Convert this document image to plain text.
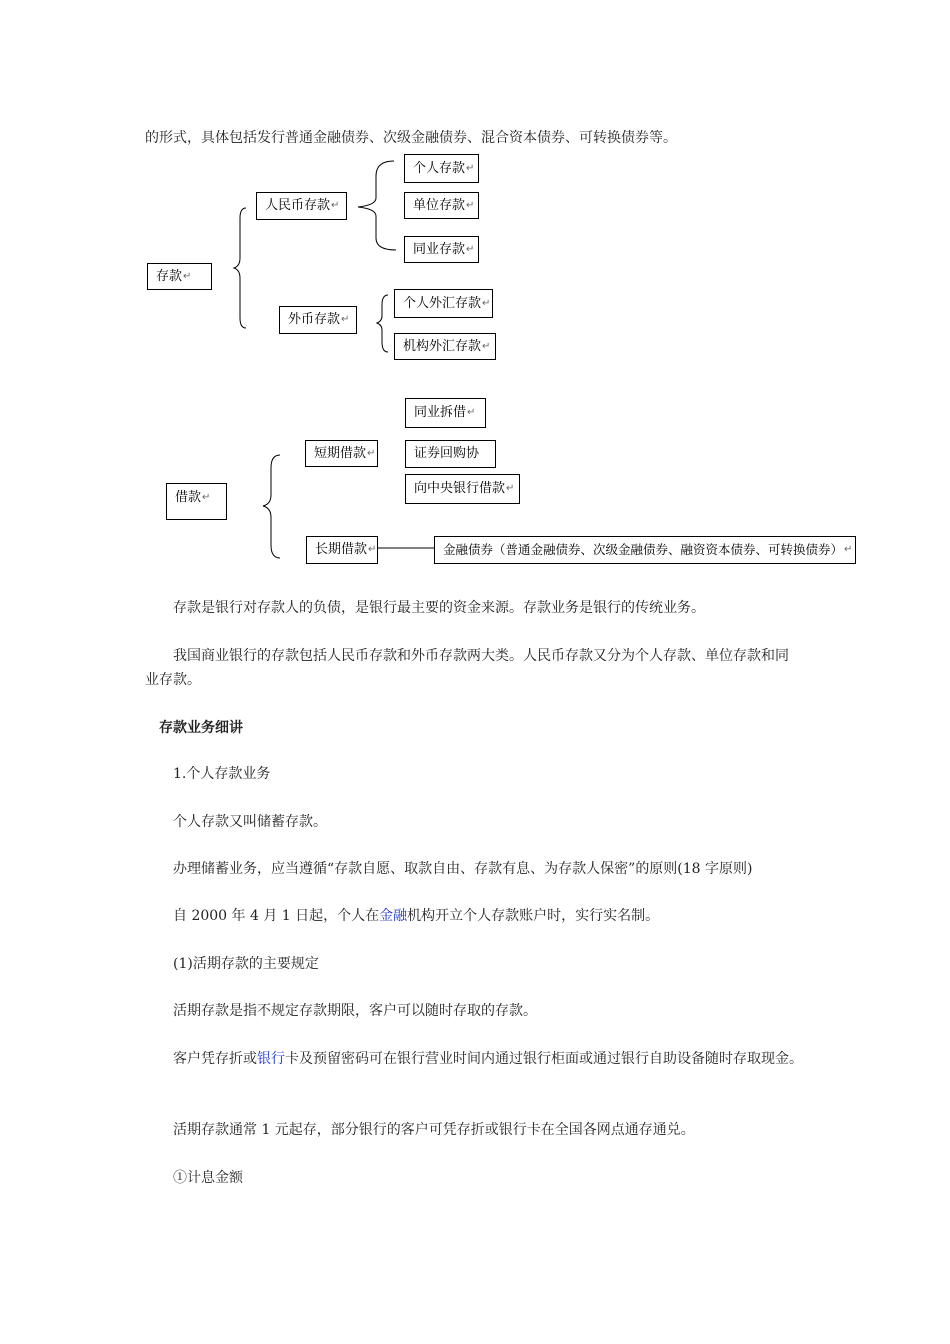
的形式，具体包括发行普通金融债券、次级金融债券、混合资本债券、可转换债券等。
存款 ↵
人民币存款 ↵
个人存款 ↵
单位存款 ↵
同业存款 ↵
外币存款 ↵
个人外汇存款 ↵
机构外汇存款 ↵
借款 ↵
短期借款 ↵
同业拆借 ↵
证券回购协
向中央银行借款 ↵
长期借款 ↵	金融债券（普通金融债券、次级金融债券、融资资本债券、可转换债券） ↵
存款是银行对存款人的负债，是银行最主要的资金来源。存款业务是银行的传统业务。
我国商业银行的存款包括人民币存款和外币存款两大类。人民币存款又分为个人存款、单位存款和同
业存款。
存款业务细讲
1.个人存款业务
个人存款又叫储蓄存款。
办理储蓄业务，应当遵循“存款自愿、取款自由、存款有息、为存款人保密”的原则(18 字原则)
自 2000 年 4 月 1 日起，个人在金融机构开立个人存款账户时，实行实名制。
(1)活期存款的主要规定
活期存款是指不规定存款期限，客户可以随时存取的存款。
客户凭存折或银行卡及预留密码可在银行营业时间内通过银行柜面或通过银行自助设备随时存取现金。
活期存款通常 1 元起存，部分银行的客户可凭存折或银行卡在全国各网点通存通兑。
①计息金额
